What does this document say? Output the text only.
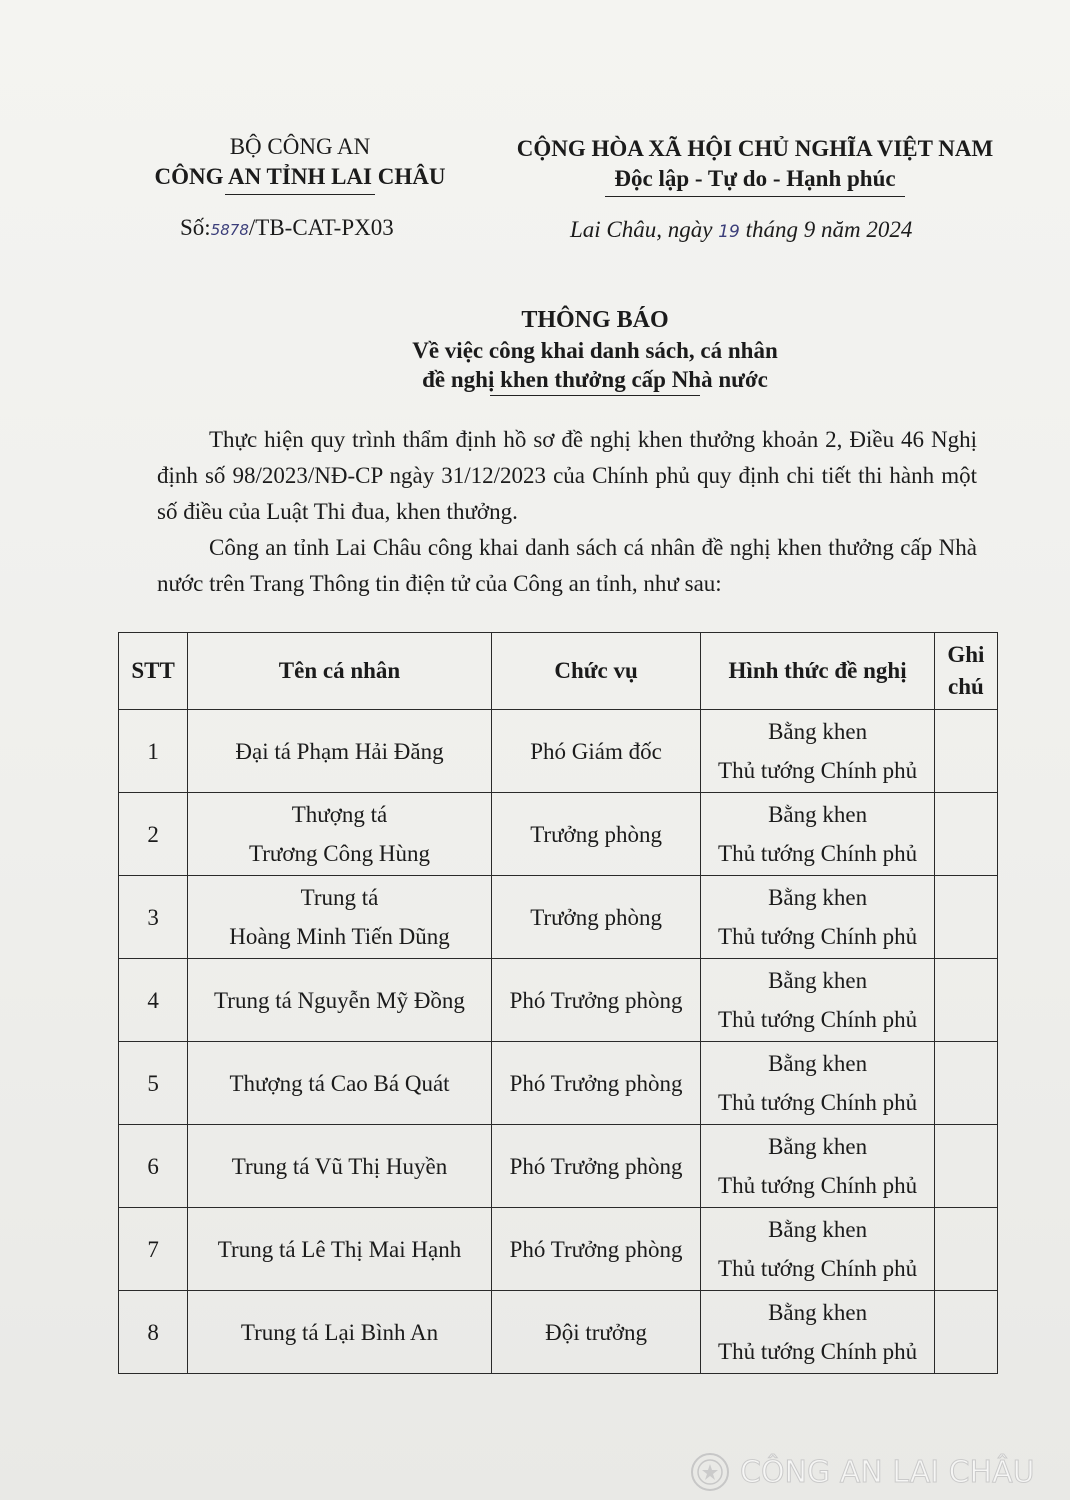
BỘ CÔNG AN
CÔNG AN TỈNH LAI CHÂU
CỘNG HÒA XÃ HỘI CHỦ NGHĨA VIỆT NAM
Độc lập - Tự do - Hạnh phúc
Số:5878/TB-CAT-PX03	Lai Châu, ngày 19 tháng 9 năm 2024
THÔNG BÁO
Về việc công khai danh sách, cá nhân
đề nghị khen thưởng cấp Nhà nước
Thực hiện quy trình thẩm định hồ sơ đề nghị khen thưởng khoản 2, Điều 46 Nghị định số 98/2023/NĐ-CP ngày 31/12/2023 của Chính phủ quy định chi tiết thi hành một số điều của Luật Thi đua, khen thưởng.
Công an tỉnh Lai Châu công khai danh sách cá nhân đề nghị khen thưởng cấp Nhà nước trên Trang Thông tin điện tử của Công an tỉnh, như sau:
STT	Tên cá nhân	Chức vụ	Hình thức đề nghị	Ghi
chú
1	Đại tá Phạm Hải Đăng	Phó Giám đốc	Bằng khen
Thủ tướng Chính phủ	
2	Thượng tá
Trương Công Hùng	Trưởng phòng	Bằng khen
Thủ tướng Chính phủ	
3	Trung tá
Hoàng Minh Tiến Dũng	Trưởng phòng	Bằng khen
Thủ tướng Chính phủ	
4	Trung tá Nguyễn Mỹ Đồng	Phó Trưởng phòng	Bằng khen
Thủ tướng Chính phủ	
5	Thượng tá Cao Bá Quát	Phó Trưởng phòng	Bằng khen
Thủ tướng Chính phủ	
6	Trung tá Vũ Thị Huyền	Phó Trưởng phòng	Bằng khen
Thủ tướng Chính phủ	
7	Trung tá Lê Thị Mai Hạnh	Phó Trưởng phòng	Bằng khen
Thủ tướng Chính phủ	
8	Trung tá Lại Bình An	Đội trưởng	Bằng khen
Thủ tướng Chính phủ	
CÔNG AN LAI CHÂU
